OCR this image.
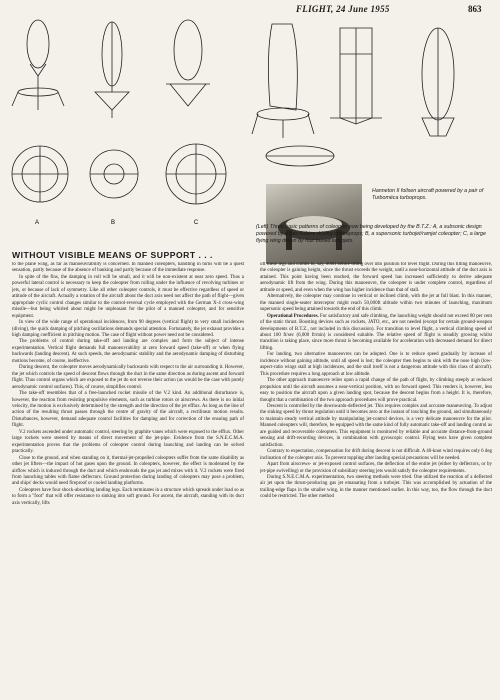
FLIGHT, 24 June 1955	863
A	B	C
Hanneton II foilsen aircraft powered by a pair of Turboméca turboprops.
(Left) Three basic patterns of coleopter now being developed by the B.T.Z.: A, a subsonic design powered by a gas turbine driving contraprops; B, a supersonic turbojet/ramjet coleopter; C, a large flying wing driven by four buried turbojets.
WITHOUT VISIBLE MEANS OF SUPPORT . . .

to the plane wing, as far as manoeuvrability is concerned. In manned coleopters, handling in turns will be a quest sensation, partly because of the absence of banking and partly because of the immediate response.

In spite of the fins, the damping in roll will be small, and it will be non-existent at near zero speed. Thus a powerful lateral control is necessary to keep the coleopter from rolling under the influence of revolving turbines or jets, or because of lack of symmetry. Like all other coleopter controls, it must be effective regardless of speed or attitude of the aircraft. Actually a rotation of the aircraft about the duct axis need not affect the path of flight—given appropriate cyclic control changes similar to the control-reversal cycle employed with the German X-4 cross-wing missile—but being whirled about might be unpleasant for the pilot of a manned coleopter, and for sensitive equipment.

In view of the wide range of operational incidences, from 90 degrees (vertical flight) to very small incidences (diving), the quick damping of pitching oscillations demands special attention. Fortunately, the jet exhaust provides a high damping coefficient in pitching motion. The case of flight without power need not be considered.

The problems of control during take-off and landing are complex and form the subject of intense experimentation. Vertical flight demands full manoeuvrability at zero forward speed (take-off) or when flying backwards (landing descent). At such speeds, the aerodynamic stability and the aerodynamic damping of disturbing motions become, of course, ineffective.

During descent, the coleopter moves aerodynamically backwards with respect to the air surrounding it. However, the jet which controls the speed of descent flows through the duct in the same direction as during ascent and forward flight. Thus control organs which are exposed to the jet do not reverse their action (as would be the case with purely aerodynamic control surfaces). This, of course, simplifies control.

The take-off resembles that of a free-launched rocket missile of the V.2 kind. An additional disturbance is, however, the reaction from resisting propulsive elements, such as turbine rotors or airscrews. As there is no initial velocity, the motion is exclusively determined by the strength and the direction of the jet efflux. As long as the line of action of the resulting thrust passes through the centre of gravity of the aircraft, a rectilinear motion results. Disturbances, however, demand adequate control facilities for damping and for correction of the ensuing path of flight.

V.2 rockets ascended under automatic control, steering by graphite vanes which were exposed to the efflux. Other large rockets were steered by means of direct movement of the jet-pipe. Evidence from the S.N.E.C.M.A. experimentation proves that the problems of coleopter control during launching and landing can be solved practically.

Close to the ground, and when standing on it, thermal-jet-propelled coleopters suffer from the same disability as other jet lifters—the impact of hot gases upon the ground. In coleopters, however, the effect is moderated by the airflow which is induced through the duct and which enshrouds the gas jet and mixes with it. V.2 rockets were fired from launching tables with flame deflectors. Ground protection during landing of coleopters may pose a problem, and ships' decks would need fireproof or cooled landing platforms.

Coleopters have four shock-absorbing landing legs. Each terminates in a structure which spreads under load so as to form a "foot" that will offer resistance to sinking into soft ground. For ascent, the aircraft, standing with its duct axis vertically, lifts

off these legs and climbs to, say, 600ft before tilting over into position for level flight. During this tilting manoeuvre, the coleopter is gaining height, since the thrust exceeds the weight, until a near-horizontal attitude of the duct axis is attained. This point having been reached, the forward speed has increased sufficiently to derive adequate aerodynamic lift from the wing. During this manoeuvre, the coleopter is under complete control, regardless of attitude or speed, and even when the wing has higher incidence than that of stall.

Alternatively, the coleopter may continue in vertical or inclined climb, with the jet at full blast. In this manner, the manned single-seater interceptor might reach 50,000ft altitude within two minutes of launching, maximum supersonic speed being attained towards the end of this climb.

Operational Procedures. For satisfactory and safe climbing, the launching weight should not exceed 80 per cent of the static thrust. Boosting devices such as rockets, JATO, etc., are not needed (except for certain ground-weapon developments of B.T.Z., not included in this discussion). For transition to level flight, a vertical climbing speed of about 100 ft/sec (6,000 ft/min) is considered suitable. The relative speed of flight is steadily growing whilst transition is taking place, since more thrust is becoming available for acceleration with decreased demand for direct lifting.

For landing, two alternative manoeuvres can be adopted. One is to reduce speed gradually by increase of incidence without gaining altitude, until all speed is lost; the coleopter then begins to sink with the nose high (low-aspect-ratio wings stall at high incidences, and the stall itself is not a dangerous attitude with this class of aircraft). This procedure requires a long approach at low altitude.

The other approach manoeuvre relies upon a rapid change of the path of flight, by climbing steeply at reduced propulsion until the aircraft assumes a near-vertical position, with no forward speed. This renders it, however, less easy to position the aircraft upon a given landing spot, because the descent begins from a height. It is, therefore, thought that a combination of the two approach procedures will prove practical.

Descent is controlled by the downwards-deflected jet. This requires complex and accurate manœuvring. To adjust the sinking speed by thrust regulation until it becomes zero at the instant of touching the ground, and simultaneously to maintain steady vertical attitude by manipulating jet-control devices, is a very delicate manoeuvre for the pilot. Manned coleopters will, therefore, be equipped with the same kind of fully automatic take-off and landing control as are guided and recoverable coleopters. This equipment is monitored by reliable and accurate distance-from-ground sensing and drift-recording devices, in combination with gyroscopic control. Flying tests have given complete satisfaction.

Contrary to expectation, compensation for drift during descent is not difficult. A 40-knot wind requires only 6 deg inclination of the coleopter axis. To prevent toppling after landing special precautions will be needed.

Apart from airscrews- or jet-exposed control surfaces, the deflection of the entire jet (either by deflectors, or by jet-pipe swivelling) or the provision of subsidiary steering jets would satisfy the coleopter requirements.

During S.N.E.C.M.A. experimentation, two steering methods were tried. One utilized the reaction of a deflected air jet upon the thrust-producing gas jet emanating from a turbojet. This was accomplished by actuation of the trailing-edge flaps in the smaller wing, in the manner mentioned earlier. In this way, too, the flow through the duct could be restricted. The other method
